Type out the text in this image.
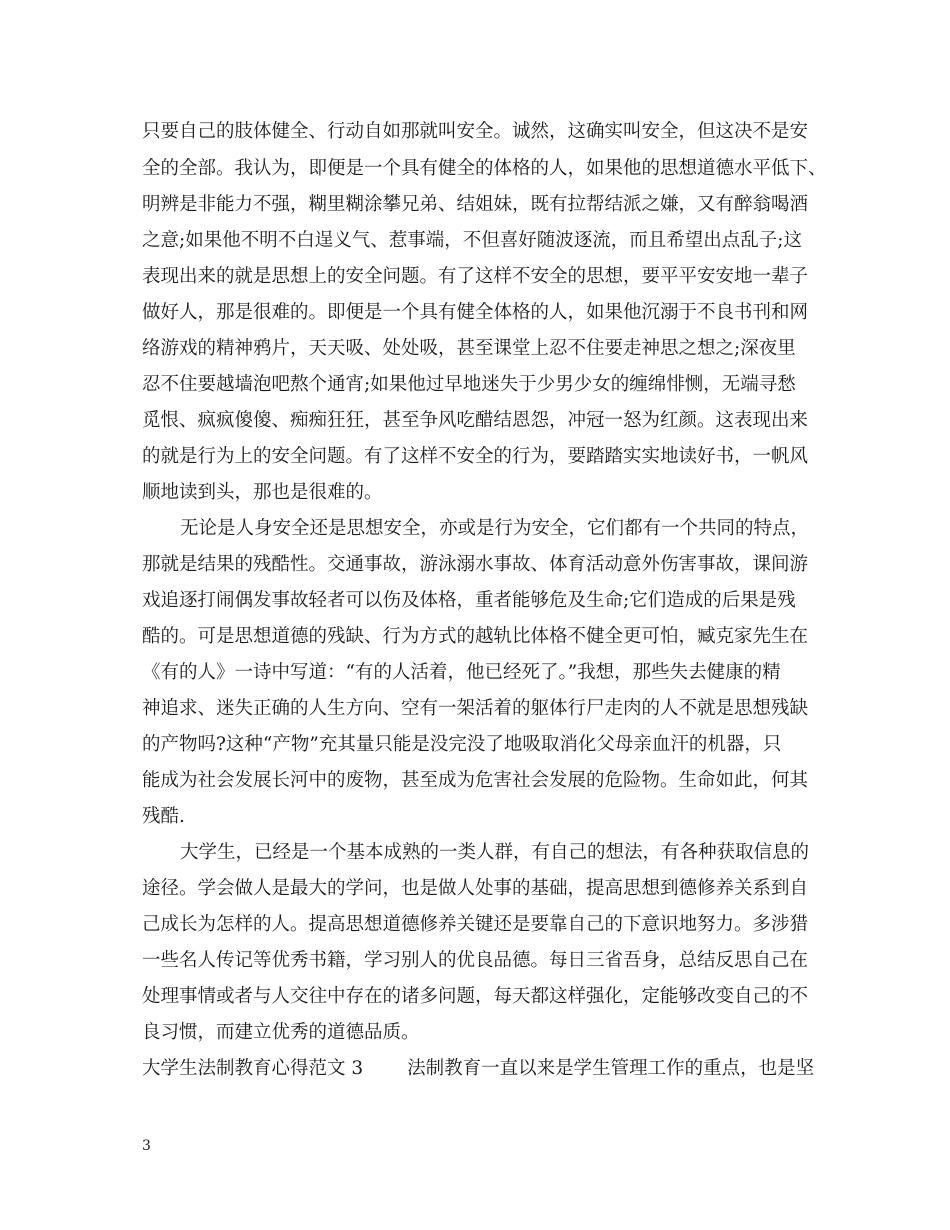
只要自己的肢体健全、行动自如那就叫安全。诚然，这确实叫安全，但这决不是安
全的全部。我认为，即便是一个具有健全的体格的人，如果他的思想道德水平低下、
明辨是非能力不强，糊里糊涂攀兄弟、结姐妹，既有拉帮结派之嫌，又有醉翁喝酒
之意;如果他不明不白逞义气、惹事端，不但喜好随波逐流，而且希望出点乱子;这
表现出来的就是思想上的安全问题。有了这样不安全的思想，要平平安安地一辈子
做好人，那是很难的。即便是一个具有健全体格的人，如果他沉溺于不良书刊和网
络游戏的精神鸦片，天天吸、处处吸，甚至课堂上忍不住要走神思之想之;深夜里
忍不住要越墙泡吧熬个通宵;如果他过早地迷失于少男少女的缠绵悱恻，无端寻愁
觅恨、疯疯傻傻、痴痴狂狂，甚至争风吃醋结恩怨，冲冠一怒为红颜。这表现出来
的就是行为上的安全问题。有了这样不安全的行为，要踏踏实实地读好书，一帆风
顺地读到头，那也是很难的。
无论是人身安全还是思想安全，亦或是行为安全，它们都有一个共同的特点，
那就是结果的残酷性。交通事故，游泳溺水事故、体育活动意外伤害事故，课间游
戏追逐打闹偶发事故轻者可以伤及体格，重者能够危及生命;它们造成的后果是残
酷的。可是思想道德的残缺、行为方式的越轨比体格不健全更可怕，臧克家先生在
《有的人》一诗中写道：“有的人活着，他已经死了。”我想，那些失去健康的精
神追求、迷失正确的人生方向、空有一架活着的躯体行尸走肉的人不就是思想残缺
的产物吗?这种“产物”充其量只能是没完没了地吸取消化父母亲血汗的机器，只
能成为社会发展长河中的废物，甚至成为危害社会发展的危险物。生命如此，何其
残酷.
大学生，已经是一个基本成熟的一类人群，有自己的想法，有各种获取信息的
途径。学会做人是最大的学问，也是做人处事的基础，提高思想到德修养关系到自
己成长为怎样的人。提高思想道德修养关键还是要靠自己的下意识地努力。多涉猎
一些名人传记等优秀书籍，学习别人的优良品德。每日三省吾身，总结反思自己在
处理事情或者与人交往中存在的诸多问题，每天都这样强化，定能够改变自己的不
良习惯，而建立优秀的道德品质。
大学生法制教育心得范文 3 法制教育一直以来是学生管理工作的重点，也是坚
3
